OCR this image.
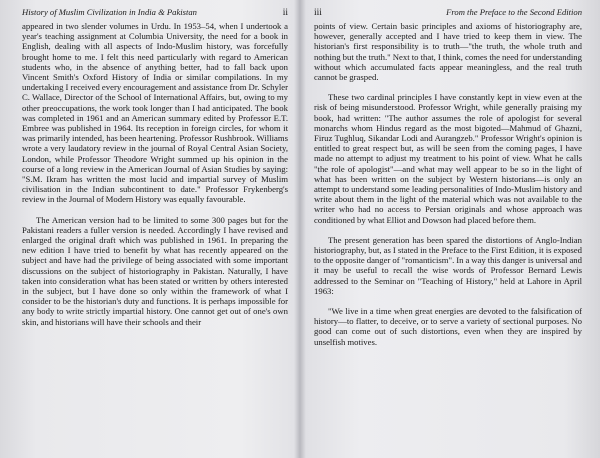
History of Muslim Civilization in India & Pakistan	ii

appeared in two slender volumes in Urdu. In 1953–54, when I undertook a year's teaching assignment at Columbia University, the need for a book in English, dealing with all aspects of Indo-Muslim history, was forcefully brought home to me. I felt this need particularly with regard to American students who, in the absence of anything better, had to fall back upon Vincent Smith's Oxford History of India or similar compilations. In my undertaking I received every encouragement and assistance from Dr. Schyler C. Wallace, Director of the School of International Affairs, but, owing to my other preoccupations, the work took longer than I had anticipated. The book was completed in 1961 and an American summary edited by Professor E.T. Embree was published in 1964. Its reception in foreign circles, for whom it was primarily intended, has been heartening. Professor Rushbrook. Williams wrote a very laudatory review in the journal of Royal Central Asian Society, London, while Professor Theodore Wright summed up his opinion in the course of a long review in the American Journal of Asian Studies by saying: "S.M. Ikram has written the most lucid and impartial survey of Muslim civilisation in the Indian subcontinent to date." Professor Frykenberg's review in the Journal of Modern History was equally favourable.

The American version had to be limited to some 300 pages but for the Pakistani readers a fuller version is needed. Accordingly I have revised and enlarged the original draft which was published in 1961. In preparing the new edition I have tried to benefit by what has recently appeared on the subject and have had the privilege of being associated with some important discussions on the subject of historiography in Pakistan. Naturally, I have taken into consideration what has been stated or written by others interested in the subject, but I have done so only within the framework of what I consider to be the historian's duty and functions. It is perhaps impossible for any body to write strictly impartial history. One cannot get out of one's own skin, and historians will have their schools and their

iii	From the Preface to the Second Edition

points of view. Certain basic principles and axioms of historiography are, however, generally accepted and I have tried to keep them in view. The historian's first responsibility is to truth—"the truth, the whole truth and nothing but the truth." Next to that, I think, comes the need for understanding without which accumulated facts appear meaningless, and the real truth cannot be grasped.

These two cardinal principles I have constantly kept in view even at the risk of being misunderstood. Professor Wright, while generally praising my book, had written: "The author assumes the role of apologist for several monarchs whom Hindus regard as the most bigoted—Mahmud of Ghazni, Firuz Tughluq, Sikandar Lodi and Aurangzeb." Professor Wright's opinion is entitled to great respect but, as will be seen from the coming pages, I have made no attempt to adjust my treatment to his point of view. What he calls "the role of apologist"—and what may well appear to be so in the light of what has been written on the subject by Western historians—is only an attempt to understand some leading personalities of Indo-Muslim history and write about them in the light of the material which was not available to the writer who had no access to Persian originals and whose approach was conditioned by what Elliot and Dowson had placed before them.

The present generation has been spared the distortions of Anglo-Indian historiography, but, as I stated in the Preface to the First Edition, it is exposed to the opposite danger of "romanticism". In a way this danger is universal and it may be useful to recall the wise words of Professor Bernard Lewis addressed to the Seminar on "Teaching of History," held at Lahore in April 1963:

"We live in a time when great energies are devoted to the falsification of history—to flatter, to deceive, or to serve a variety of sectional purposes. No good can come out of such distortions, even when they are inspired by unselfish motives.
